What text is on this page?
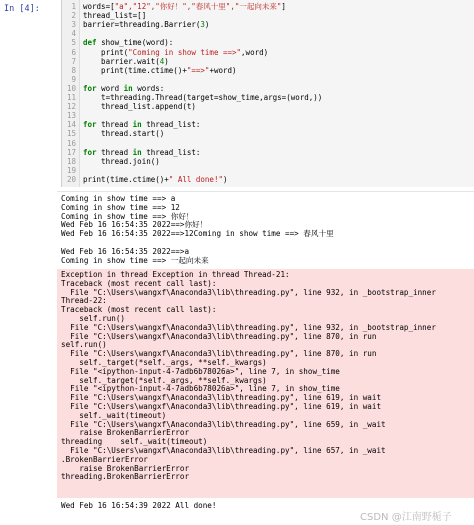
In [4]:	1
2
3
4
5
6
7
8
9
10
11
12
13
14
15
16
17
18
19
20
words=["a","12","你好！","春风十里","一起向未来"]
thread_list=[]
barrier=threading.Barrier(3)
def show_time(word):
print("Coming in show time ==>",word)
barrier.wait(4)
print(time.ctime()+"==>"+word)
for word in words:
t=threading.Thread(target=show_time,args=(word,))
thread_list.append(t)
for thread in thread_list:
thread.start()
for thread in thread_list:
thread.join()
print(time.ctime()+" All done!")
Coming in show time ==> a
Coming in show time ==> 12
Coming in show time ==> 你好！
Wed Feb 16 16:54:35 2022==>你好！
Wed Feb 16 16:54:35 2022==>12Coming in show time ==> 春风十里

Wed Feb 16 16:54:35 2022==>a
Coming in show time ==> 一起向未来
Exception in thread Exception in thread Thread-21:
Traceback (most recent call last):
File "C:\Users\wangxf\Anaconda3\lib\threading.py", line 932, in _bootstrap_inner
Thread-22:
Traceback (most recent call last):
self.run()
File "C:\Users\wangxf\Anaconda3\lib\threading.py", line 932, in _bootstrap_inner
File "C:\Users\wangxf\Anaconda3\lib\threading.py", line 870, in run
self.run()
File "C:\Users\wangxf\Anaconda3\lib\threading.py", line 870, in run
self._target(*self._args, **self._kwargs)
File "<ipython-input-4-7adb6b78026a>", line 7, in show_time
self._target(*self._args, **self._kwargs)
File "<ipython-input-4-7adb6b78026a>", line 7, in show_time
File "C:\Users\wangxf\Anaconda3\lib\threading.py", line 619, in wait
File "C:\Users\wangxf\Anaconda3\lib\threading.py", line 619, in wait
self._wait(timeout)
File "C:\Users\wangxf\Anaconda3\lib\threading.py", line 659, in _wait
raise BrokenBarrierError
threading    self._wait(timeout)
File "C:\Users\wangxf\Anaconda3\lib\threading.py", line 657, in _wait
.BrokenBarrierError
raise BrokenBarrierError
threading.BrokenBarrierError
Wed Feb 16 16:54:39 2022 All done!
CSDN @江南野栀子
